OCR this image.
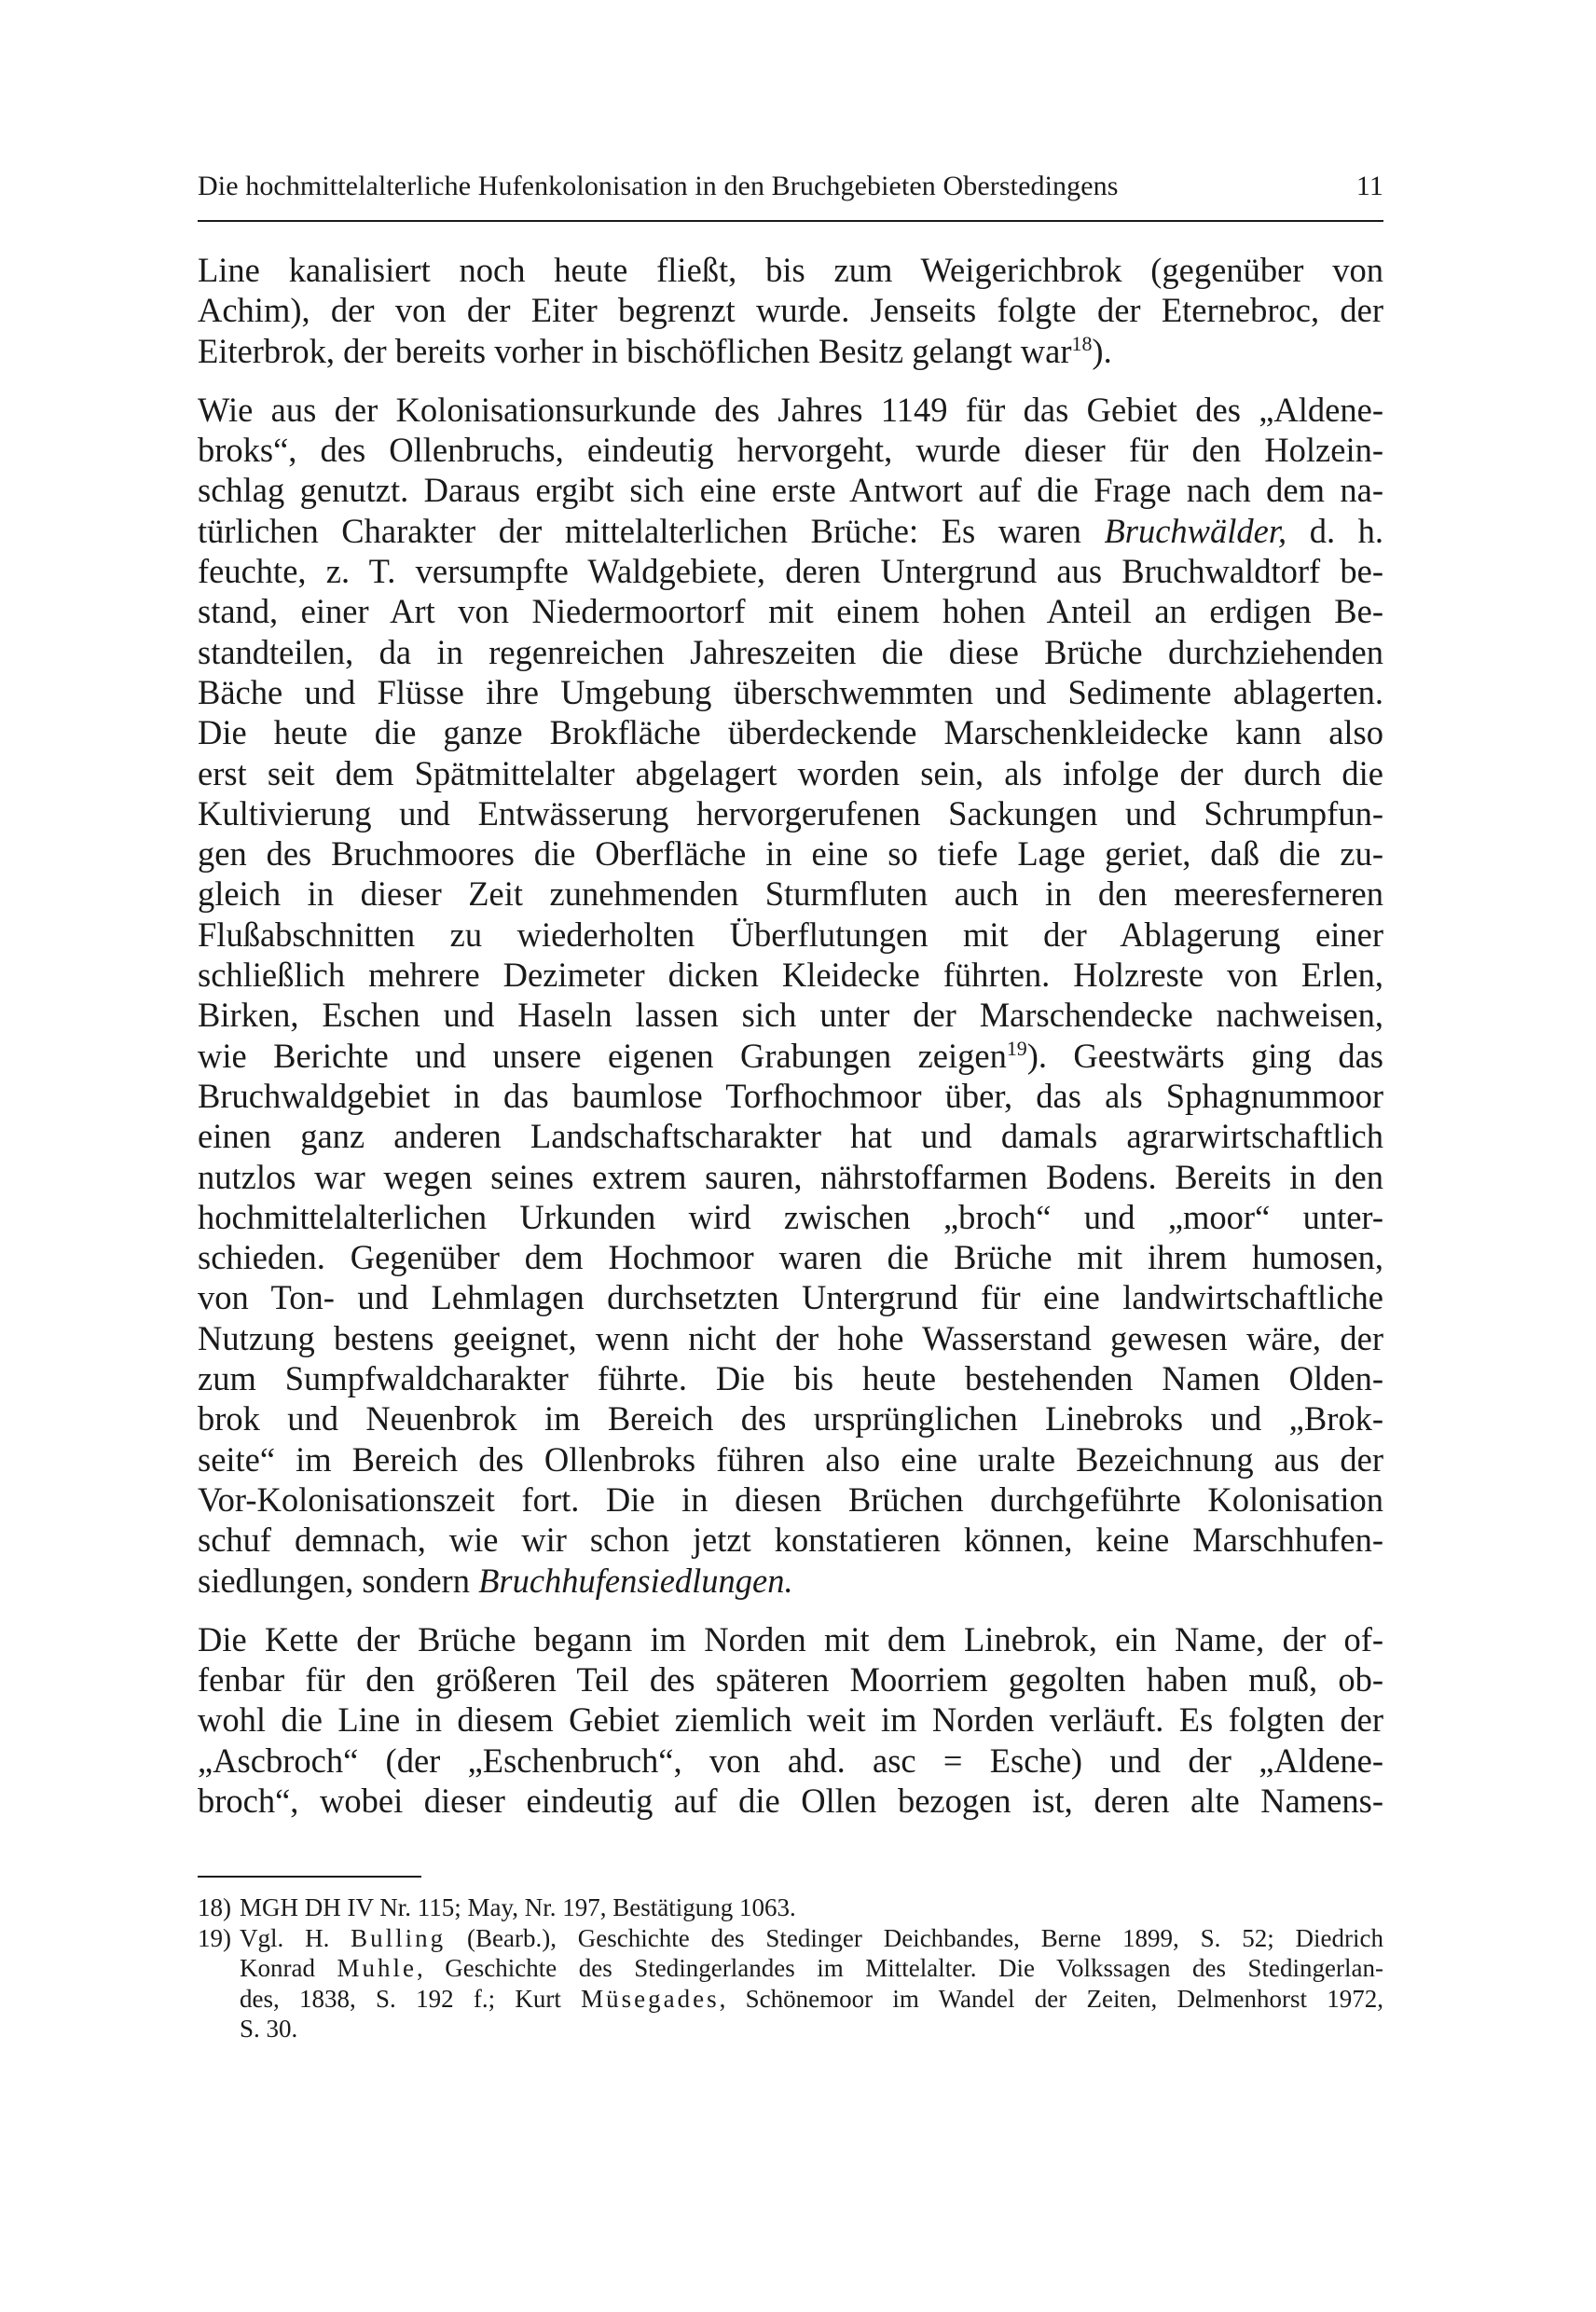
Die hochmittelalterliche Hufenkolonisation in den Bruchgebieten Oberstedingens	11

Line kanalisiert noch heute fließt, bis zum Weigerichbrok (gegenüber von
Achim), der von der Eiter begrenzt wurde. Jenseits folgte der Eternebroc, der
Eiterbrok, der bereits vorher in bischöflichen Besitz gelangt war$^{18}$).

Wie aus der Kolonisationsurkunde des Jahres 1149 für das Gebiet des „Aldene-
broks“, des Ollenbruchs, eindeutig hervorgeht, wurde dieser für den Holzein-
schlag genutzt. Daraus ergibt sich eine erste Antwort auf die Frage nach dem na-
türlichen Charakter der mittelalterlichen Brüche: Es waren Bruchwälder, d. h.
feuchte, z. T. versumpfte Waldgebiete, deren Untergrund aus Bruchwaldtorf be-
stand, einer Art von Niedermoortorf mit einem hohen Anteil an erdigen Be-
standteilen, da in regenreichen Jahreszeiten die diese Brüche durchziehenden
Bäche und Flüsse ihre Umgebung überschwemmten und Sedimente ablagerten.
Die heute die ganze Brokfläche überdeckende Marschenkleidecke kann also
erst seit dem Spätmittelalter abgelagert worden sein, als infolge der durch die
Kultivierung und Entwässerung hervorgerufenen Sackungen und Schrumpfun-
gen des Bruchmoores die Oberfläche in eine so tiefe Lage geriet, daß die zu-
gleich in dieser Zeit zunehmenden Sturmfluten auch in den meeresferneren
Flußabschnitten zu wiederholten Überflutungen mit der Ablagerung einer
schließlich mehrere Dezimeter dicken Kleidecke führten. Holzreste von Erlen,
Birken, Eschen und Haseln lassen sich unter der Marschendecke nachweisen,
wie Berichte und unsere eigenen Grabungen zeigen$^{19}$). Geestwärts ging das
Bruchwaldgebiet in das baumlose Torfhochmoor über, das als Sphagnummoor
einen ganz anderen Landschaftscharakter hat und damals agrarwirtschaftlich
nutzlos war wegen seines extrem sauren, nährstoffarmen Bodens. Bereits in den
hochmittelalterlichen Urkunden wird zwischen „broch“ und „moor“ unter-
schieden. Gegenüber dem Hochmoor waren die Brüche mit ihrem humosen,
von Ton- und Lehmlagen durchsetzten Untergrund für eine landwirtschaftliche
Nutzung bestens geeignet, wenn nicht der hohe Wasserstand gewesen wäre, der
zum Sumpfwaldcharakter führte. Die bis heute bestehenden Namen Olden-
brok und Neuenbrok im Bereich des ursprünglichen Linebroks und „Brok-
seite“ im Bereich des Ollenbroks führen also eine uralte Bezeichnung aus der
Vor-Kolonisationszeit fort. Die in diesen Brüchen durchgeführte Kolonisation
schuf demnach, wie wir schon jetzt konstatieren können, keine Marschhufen-
siedlungen, sondern Bruchhufensiedlungen.

Die Kette der Brüche begann im Norden mit dem Linebrok, ein Name, der of-
fenbar für den größeren Teil des späteren Moorriem gegolten haben muß, ob-
wohl die Line in diesem Gebiet ziemlich weit im Norden verläuft. Es folgten der
„Ascbroch“ (der „Eschenbruch“, von ahd. asc = Esche) und der „Aldene-
broch“, wobei dieser eindeutig auf die Ollen bezogen ist, deren alte Namens-

18) MGH DH IV Nr. 115; May, Nr. 197, Bestätigung 1063.
19) Vgl. H. Bulling (Bearb.), Geschichte des Stedinger Deichbandes, Berne 1899, S. 52; Diedrich
Konrad Muhle, Geschichte des Stedingerlandes im Mittelalter. Die Volkssagen des Stedingerlan-
des, 1838, S. 192 f.; Kurt Müsegades, Schönemoor im Wandel der Zeiten, Delmenhorst 1972,
S. 30.
